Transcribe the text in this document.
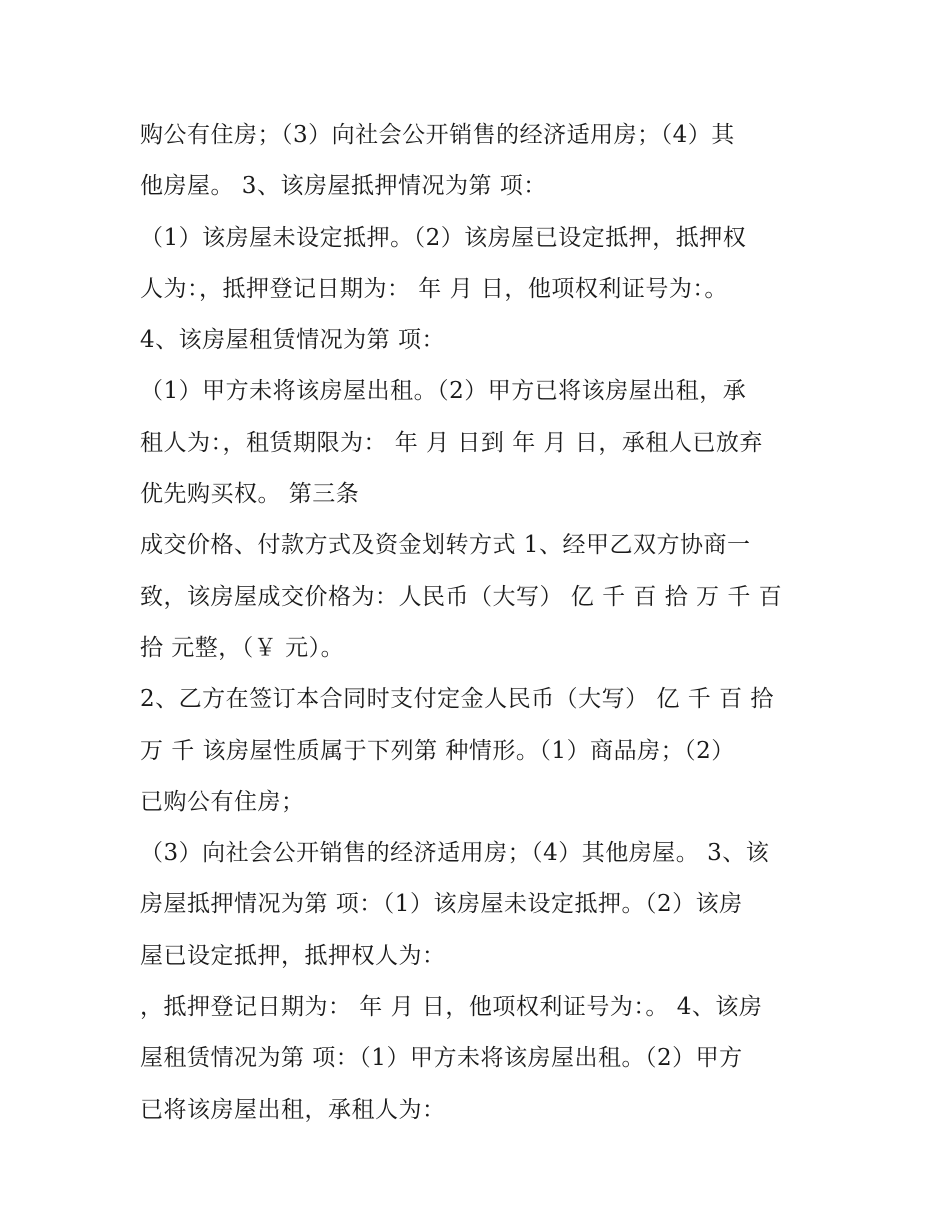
购公有住房；（3）向社会公开销售的经济适用房；（4）其
他房屋。 3、该房屋抵押情况为第 项：
（1）该房屋未设定抵押。（2）该房屋已设定抵押，抵押权
人为：，抵押登记日期为： 年 月 日，他项权利证号为：。
4、该房屋租赁情况为第 项：
（1）甲方未将该房屋出租。（2）甲方已将该房屋出租，承
租人为：，租赁期限为： 年 月 日到 年 月 日，承租人已放弃
优先购买权。 第三条
成交价格、付款方式及资金划转方式 1、经甲乙双方协商一
致，该房屋成交价格为：人民币（大写） 亿 千 百 拾 万 千 百
拾 元整，（￥ 元）。
2、乙方在签订本合同时支付定金人民币（大写） 亿 千 百 拾
万 千 该房屋性质属于下列第 种情形。（1）商品房；（2）
已购公有住房；
（3）向社会公开销售的经济适用房；（4）其他房屋。 3、该
房屋抵押情况为第 项：（1）该房屋未设定抵押。（2）该房
屋已设定抵押，抵押权人为：
，抵押登记日期为： 年 月 日，他项权利证号为：。 4、该房
屋租赁情况为第 项：（1）甲方未将该房屋出租。（2）甲方
已将该房屋出租，承租人为：
